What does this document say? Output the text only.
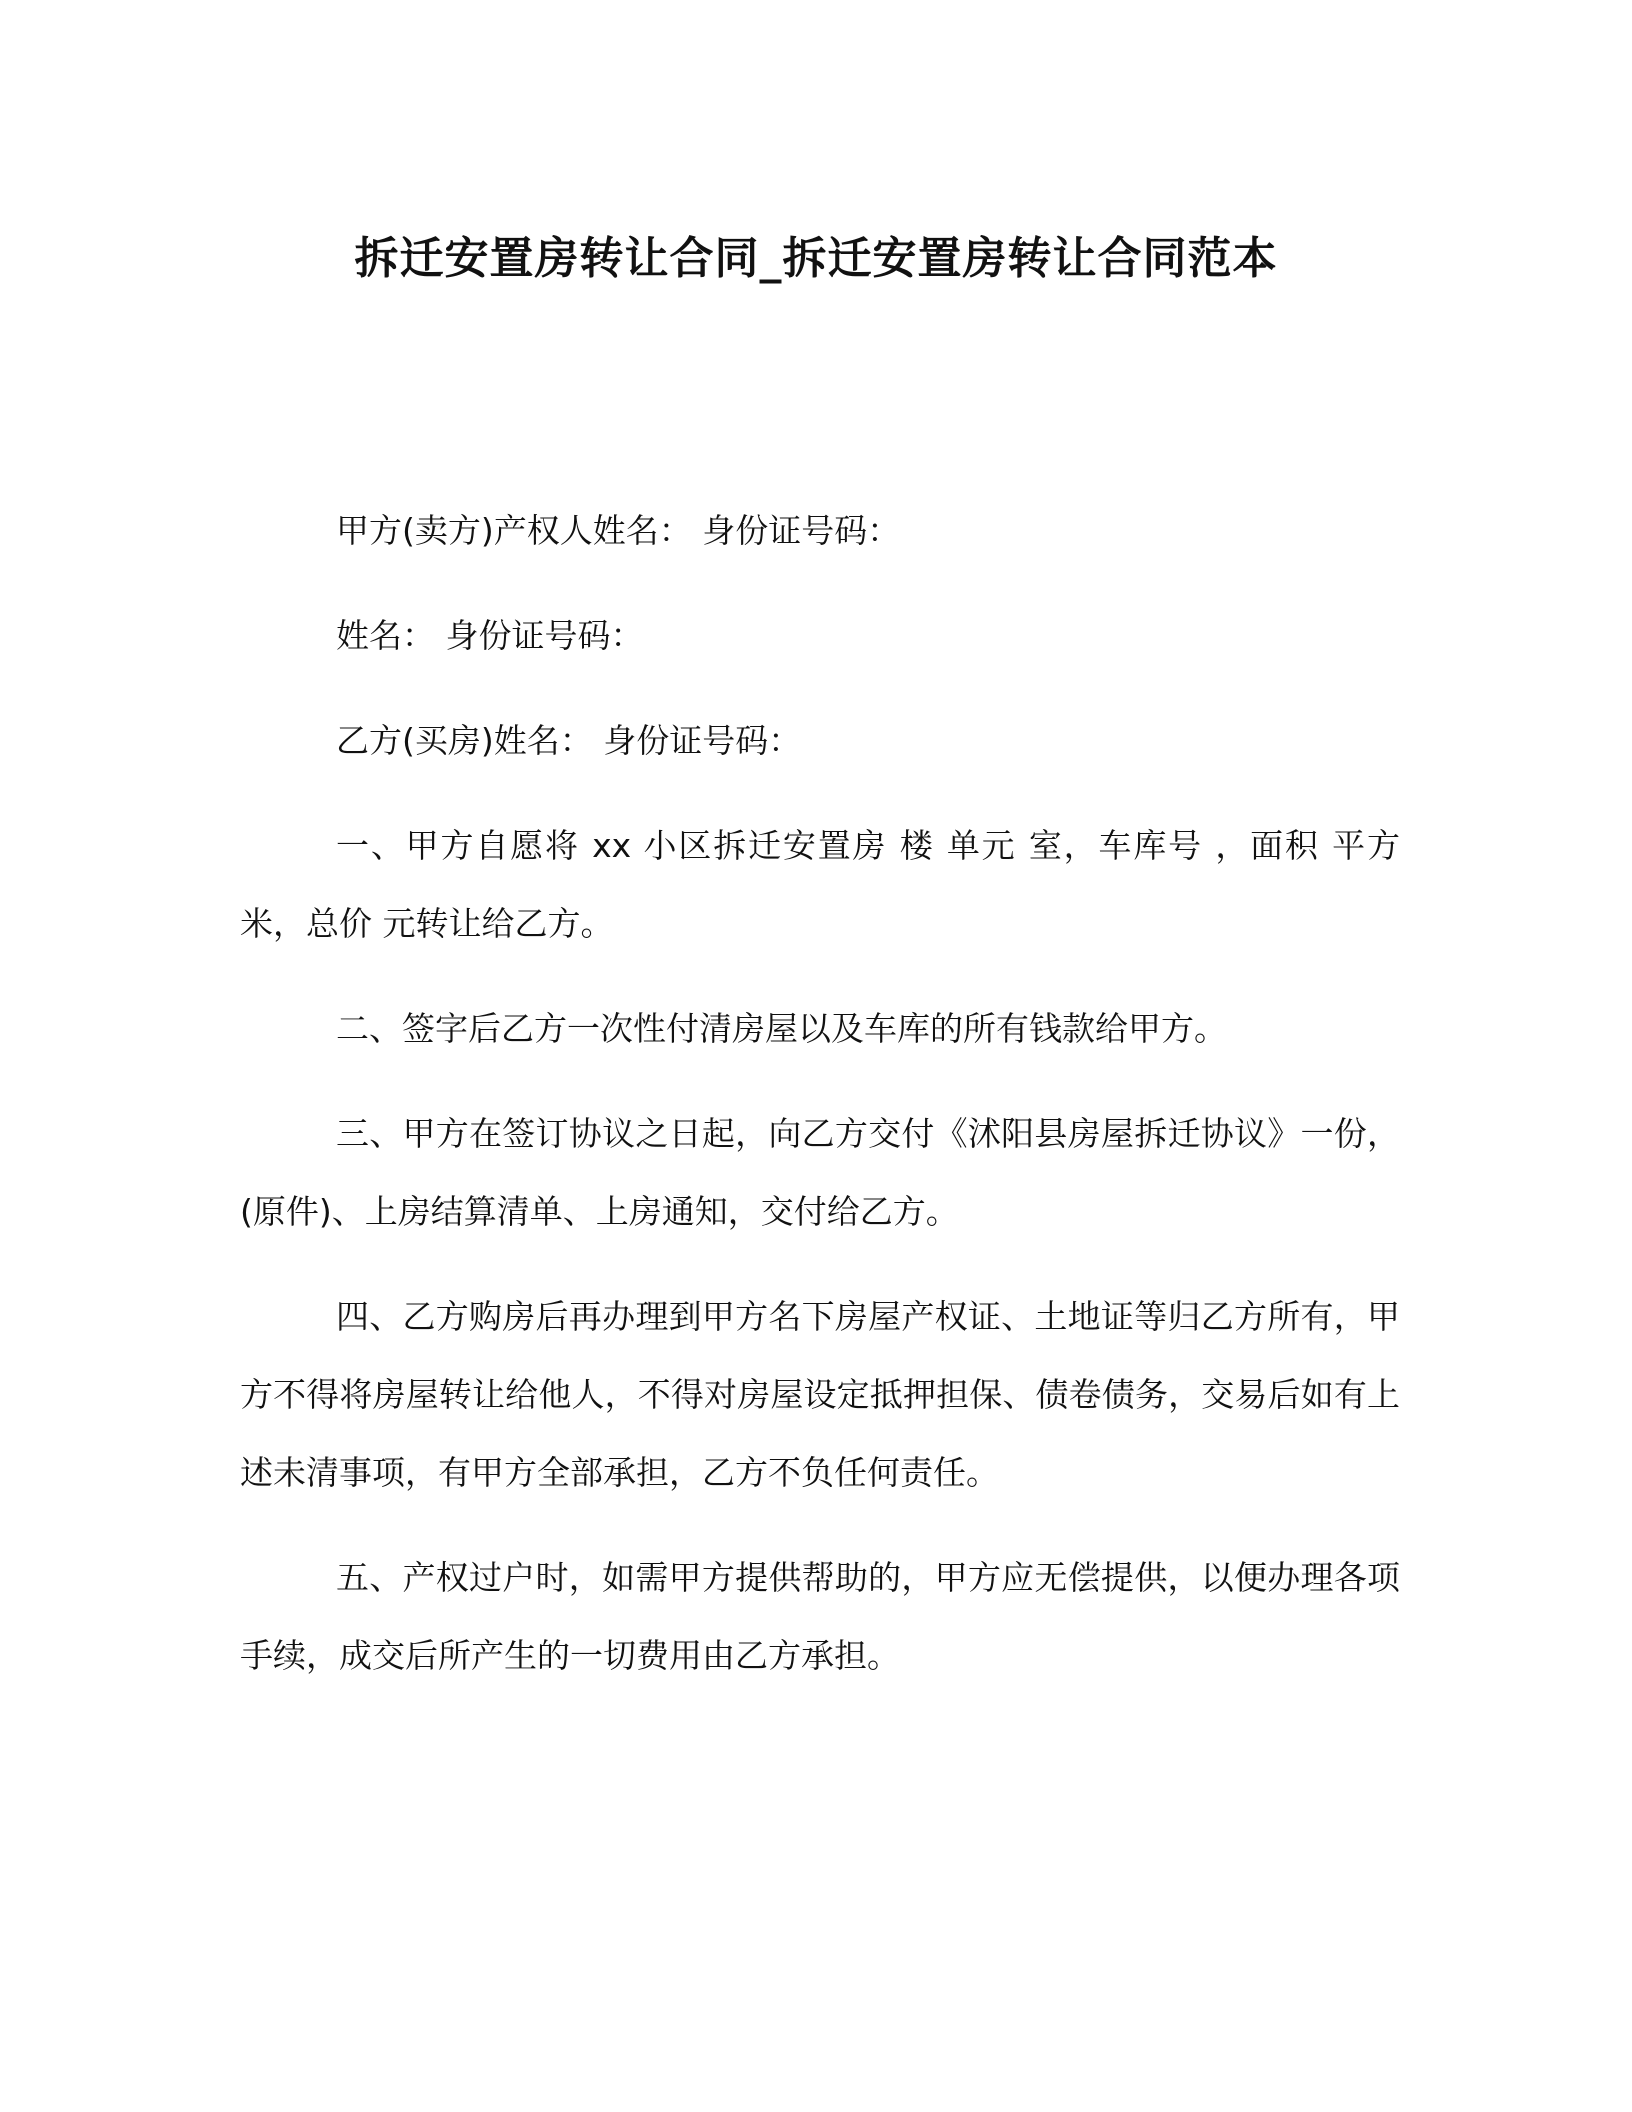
拆迁安置房转让合同_拆迁安置房转让合同范本

甲方(卖方)产权人姓名： 身份证号码：

姓名： 身份证号码：

乙方(买房)姓名： 身份证号码：

一、甲方自愿将 xx 小区拆迁安置房 楼 单元 室，车库号 ，面积 平方米，总价 元转让给乙方。

二、签字后乙方一次性付清房屋以及车库的所有钱款给甲方。

三、甲方在签订协议之日起，向乙方交付《沭阳县房屋拆迁协议》一份，(原件)、上房结算清单、上房通知，交付给乙方。

四、乙方购房后再办理到甲方名下房屋产权证、土地证等归乙方所有，甲方不得将房屋转让给他人，不得对房屋设定抵押担保、债卷债务，交易后如有上述未清事项，有甲方全部承担，乙方不负任何责任。

五、产权过户时，如需甲方提供帮助的，甲方应无偿提供，以便办理各项手续，成交后所产生的一切费用由乙方承担。
